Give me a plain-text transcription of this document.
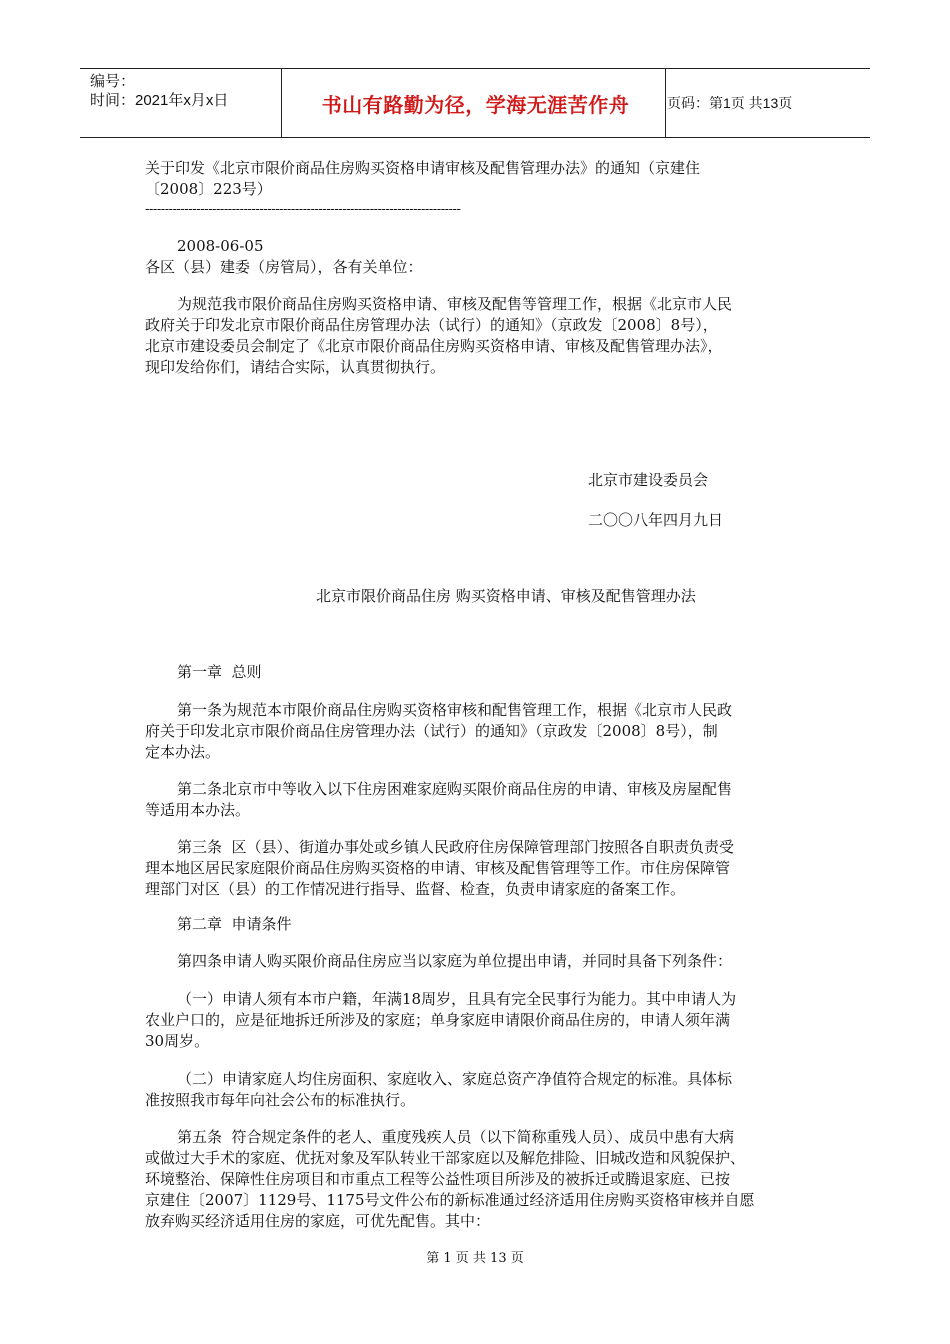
编号：
时间：2021年x月x日	书山有路勤为径，学海无涯苦作舟	页码：第1页 共13页
关于印发《北京市限价商品住房购买资格申请审核及配售管理办法》的通知（京建住
〔2008〕223号）
--------------------------------------------------------------------------------
2008-06-05
各区（县）建委（房管局），各有关单位：
为规范我市限价商品住房购买资格申请、审核及配售等管理工作，根据《北京市人民
政府关于印发北京市限价商品住房管理办法（试行）的通知》（京政发〔2008〕8号），
北京市建设委员会制定了《北京市限价商品住房购买资格申请、审核及配售管理办法》，
现印发给你们，请结合实际，认真贯彻执行。
北京市建设委员会
二〇〇八年四月九日
北京市限价商品住房 购买资格申请、审核及配售管理办法
第一章  总则
第一条为规范本市限价商品住房购买资格审核和配售管理工作，根据《北京市人民政
府关于印发北京市限价商品住房管理办法（试行）的通知》（京政发〔2008〕8号），制
定本办法。
第二条北京市中等收入以下住房困难家庭购买限价商品住房的申请、审核及房屋配售
等适用本办法。
第三条  区（县）、街道办事处或乡镇人民政府住房保障管理部门按照各自职责负责受
理本地区居民家庭限价商品住房购买资格的申请、审核及配售管理等工作。市住房保障管
理部门对区（县）的工作情况进行指导、监督、检查，负责申请家庭的备案工作。
第二章  申请条件
第四条申请人购买限价商品住房应当以家庭为单位提出申请，并同时具备下列条件：
（一）申请人须有本市户籍，年满18周岁，且具有完全民事行为能力。其中申请人为
农业户口的，应是征地拆迁所涉及的家庭；单身家庭申请限价商品住房的，申请人须年满
30周岁。
（二）申请家庭人均住房面积、家庭收入、家庭总资产净值符合规定的标准。具体标
准按照我市每年向社会公布的标准执行。
第五条  符合规定条件的老人、重度残疾人员（以下简称重残人员）、成员中患有大病
或做过大手术的家庭、优抚对象及军队转业干部家庭以及解危排险、旧城改造和风貌保护、
环境整治、保障性住房项目和市重点工程等公益性项目所涉及的被拆迁或腾退家庭、已按
京建住〔2007〕1129号、1175号文件公布的新标准通过经济适用住房购买资格审核并自愿
放弃购买经济适用住房的家庭，可优先配售。其中：
第 1 页 共 13 页
